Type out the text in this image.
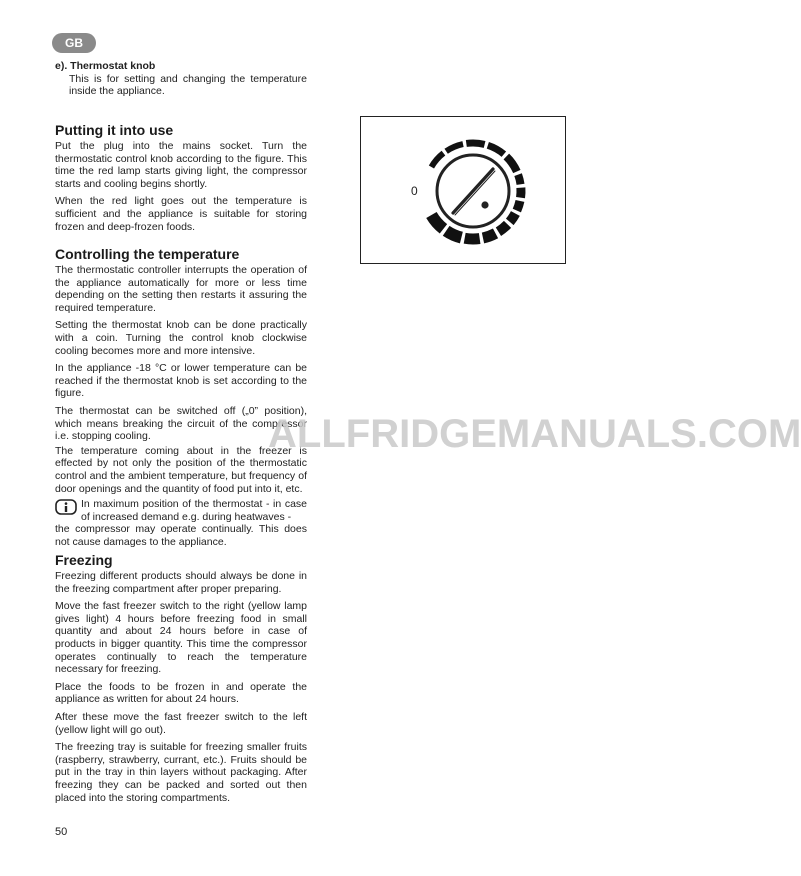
GB

e). Thermostat knob

This is for setting and changing the temperature inside the appliance.

Putting it into use

Put the plug into the mains socket. Turn the thermostatic control knob according to the figure. This time the red lamp starts giving light, the compressor starts and cooling begins shortly.

When the red light goes out the temperature is sufficient and the appliance is suitable for storing frozen and deep-frozen foods.

Controlling the temperature

The thermostatic controller interrupts the operation of the appliance automatically for more or less time depending on the setting then restarts it assuring the required temperature.

Setting the thermostat knob can be done practically with a coin. Turning the control knob clockwise cooling becomes more and more intensive.

In the appliance -18 °C or lower temperature can be reached if the thermostat knob is set according to the figure.

The thermostat can be switched off („0” position), which means breaking the circuit of the compressor i.e. stopping cooling.

The temperature coming about in the freezer is effected by not only the position of the thermostatic control and the ambient temperature, but frequency of door openings and the quantity of food put into it, etc.

In maximum position of the thermostat - in case of increased demand e.g. during heatwaves -

the compressor may operate continually. This does not cause damages to the appliance.

Freezing

Freezing different products should always be done in the freezing compartment after proper preparing.

Move the fast freezer switch to the right (yellow lamp gives light) 4 hours before freezing food in small quantity and about 24 hours before in case of products in bigger quantity. This time the compressor operates continually to reach the temperature necessary for freezing.

Place the foods to be frozen in and operate the appliance as written for about 24 hours.

After these move the fast freezer switch to the left (yellow light will go out).

The freezing tray is suitable for freezing smaller fruits (raspberry, strawberry, currant, etc.). Fruits should be put in the tray in thin layers without packaging. After freezing they can be packed and sorted out then placed into the storing compartments.

0
ALLFRIDGEMANUALS.COM
50
